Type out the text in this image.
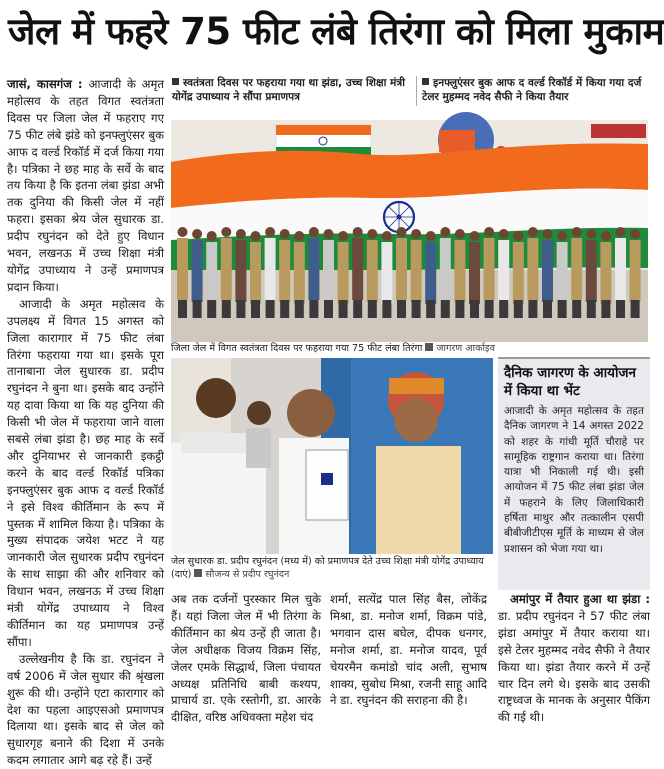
जेल में फहरे 75 फीट लंबे तिरंगा को मिला मुकाम
स्वतंत्रता दिवस पर फहराया गया था झंडा, उच्च शिक्षा मंत्री योगेंद्र उपाध्याय ने सौंपा प्रमाणपत्र
इनफ्लुएंसर बुक आफ द वर्ल्ड रिकॉर्ड में किया गया दर्ज टेलर मुहम्मद नवेद सैफी ने किया तैयार

जासं, कासगंज : आजादी के अमृत महोत्सव के तहत विगत स्वतंत्रता दिवस पर जिला जेल में फहराए गए 75 फीट लंबे झंडे को इनफ्लुएंसर बुक आफ द वर्ल्ड रिकॉर्ड में दर्ज किया गया है। पत्रिका ने छह माह के सर्वे के बाद तय किया है कि इतना लंबा झंडा अभी तक दुनिया की किसी जेल में नहीं फहरा। इसका श्रेय जेल सुधारक डा. प्रदीप रघुनंदन को देते हुए विधान भवन, लखनऊ में उच्च शिक्षा मंत्री योगेंद्र उपाध्याय ने उन्हें प्रमाणपत्र प्रदान किया।

आजादी के अमृत महोत्सव के उपलक्ष्य में विगत 15 अगस्त को जिला कारागार में 75 फीट लंबा तिरंगा फहराया गया था। इसके पूरा तानाबाना जेल सुधारक डा. प्रदीप रघुनंदन ने बुना था। इसके बाद उन्होंने यह दावा किया था कि यह दुनिया की किसी भी जेल में फहराया जाने वाला सबसे लंबा झंडा है। छह माह के सर्वे और दुनियाभर से जानकारी इकट्ठी करने के बाद वर्ल्ड रिकॉर्ड पत्रिका इनफ्लुएंसर बुक आफ द वर्ल्ड रिकॉर्ड ने इसे विश्व कीर्तिमान के रूप में पुस्तक में शामिल किया है। पत्रिका के मुख्य संपादक जयेश भटट ने यह जानकारी जेल सुधारक प्रदीप रघुनंदन के साथ साझा की और शनिवार को विधान भवन, लखनऊ में उच्च शिक्षा मंत्री योगेंद्र उपाध्याय ने विश्व कीर्तिमान का यह प्रमाणपत्र उन्हें सौंपा।

उल्लेखनीय है कि डा. रघुनंदन ने वर्ष 2006 में जेल सुधार की श्रृंखला शुरू की थी। उन्होंने एटा कारागार को देश का पहला आइएसओ प्रमाणपत्र दिलाया था। इसके बाद से जेल को सुधारगृह बनाने की दिशा में उनके कदम लगातार आगे बढ़ रहे हैं। उन्हें

जिला जेल में विगत स्वतंत्रता दिवस पर फहराया गया 75 फीट लंबा तिरंगा जागरण आर्काइव
जेल सुधारक डा. प्रदीप रघुनंदन (मध्य में) को प्रमाणपत्र देते उच्च शिक्षा मंत्री योगेंद्र उपाध्याय (दाएं) सौजन्य से प्रदीप रघुनंदन
दैनिक जागरण के आयोजन में किया था भेंट
आजादी के अमृत महोत्सव के तहत दैनिक जागरण ने 14 अगस्त 2022 को शहर के गांधी मूर्ति चौराहे पर सामूहिक राष्ट्रगान कराया था। तिरंगा यात्रा भी निकाली गई थी। इसी आयोजन में 75 फीट लंबा झंडा जेल में फहराने के लिए जिलाधिकारी हर्षिता माथुर और तत्कालीन एसपी बीबीजीटीएस मूर्ति के माध्यम से जेल प्रशासन को भेजा गया था।

अब तक दर्जनों पुरस्कार मिल चुके हैं। यहां जिला जेल में भी तिरंगा के कीर्तिमान का श्रेय उन्हें ही जाता है। जेल अधीक्षक विजय विक्रम सिंह, जेलर एमके सिद्धार्थ, जिला पंचायत अध्यक्ष प्रतिनिधि बाबी कश्यप, प्राचार्य डा. एके रस्तोगी, डा. आरके दीक्षित, वरिष्ठ अधिवक्ता महेश चंद

शर्मा, सत्येंद्र पाल सिंह बैस, लोकेंद्र मिश्रा, डा. मनोज शर्मा, विक्रम पांडे, भगवान दास बघेल, दीपक धनगर, मनोज शर्मा, डा. मनोज यादव, पूर्व चेयरमैन कमांडो चांद अली, सुभाष शाक्य, सुबोध मिश्रा, रजनी साहू आदि ने डा. रघुनंदन की सराहना की है।

अमांपुर में तैयार हुआ था झंडा : डा. प्रदीप रघुनंदन ने 57 फीट लंबा झंडा अमांपुर में तैयार कराया था। इसे टेलर मुहम्मद नवेद सैफी ने तैयार किया था। झंडा तैयार करने में उन्हें चार दिन लगे थे। इसके बाद उसकी राष्ट्रध्वज के मानक के अनुसार पैकिंग की गई थी।
